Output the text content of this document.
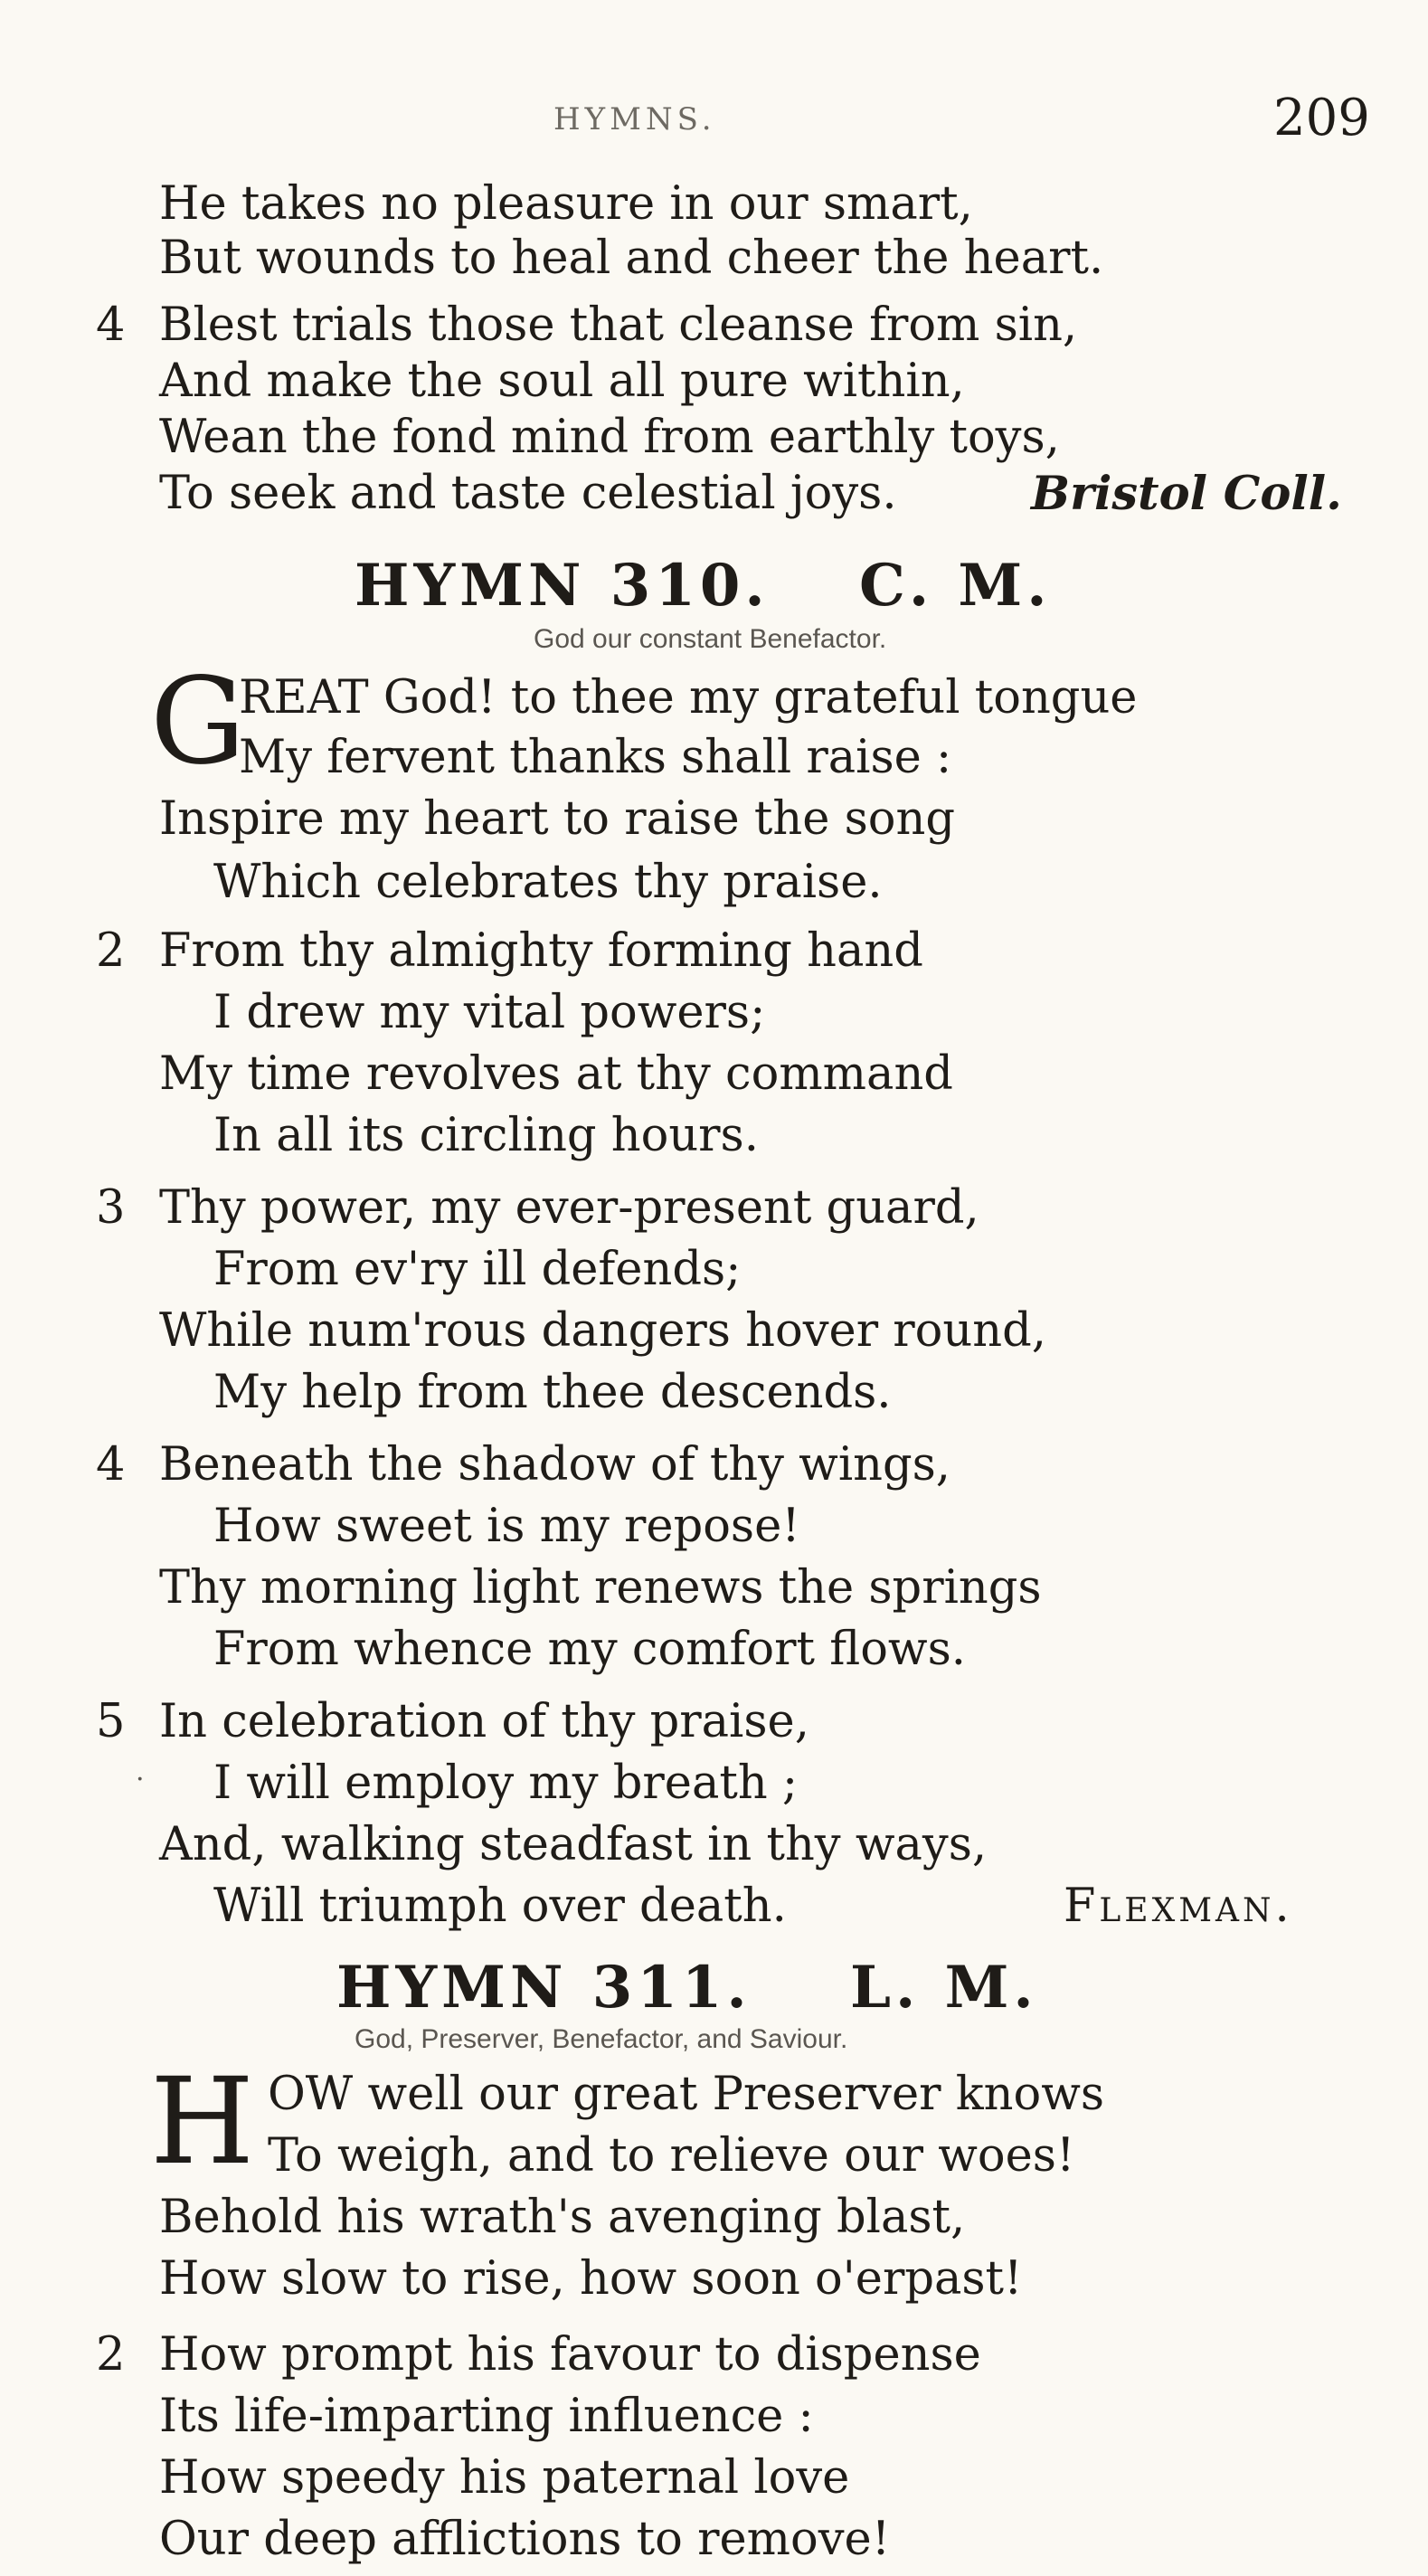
HYMNS.	209
He takes no pleasure in our smart,
But wounds to heal and cheer the heart.
4 Blest trials those that cleanse from sin,
And make the soul all pure within,
Wean the fond mind from earthly toys,
To seek and taste celestial joys.	Bristol Coll.
HYMN 310. C. M.
God our constant Benefactor.
G
REAT God! to thee my grateful tongue
My fervent thanks shall raise :
Inspire my heart to raise the song
Which celebrates thy praise.
2 From thy almighty forming hand
I drew my vital powers;
My time revolves at thy command
In all its circling hours.
3 Thy power, my ever-present guard,
From ev'ry ill defends;
While num'rous dangers hover round,
My help from thee descends.
4 Beneath the shadow of thy wings,
How sweet is my repose!
Thy morning light renews the springs
From whence my comfort flows.
5 In celebration of thy praise,
· I will employ my breath ;
And, walking steadfast in thy ways,
Will triumph over death.	Flexman.
HYMN 311. L. M.
God, Preserver, Benefactor, and Saviour.
H OW well our great Preserver knows
To weigh, and to relieve our woes!
Behold his wrath's avenging blast,
How slow to rise, how soon o'erpast!
2 How prompt his favour to dispense
Its life-imparting influence :
How speedy his paternal love
Our deep afflictions to remove!
